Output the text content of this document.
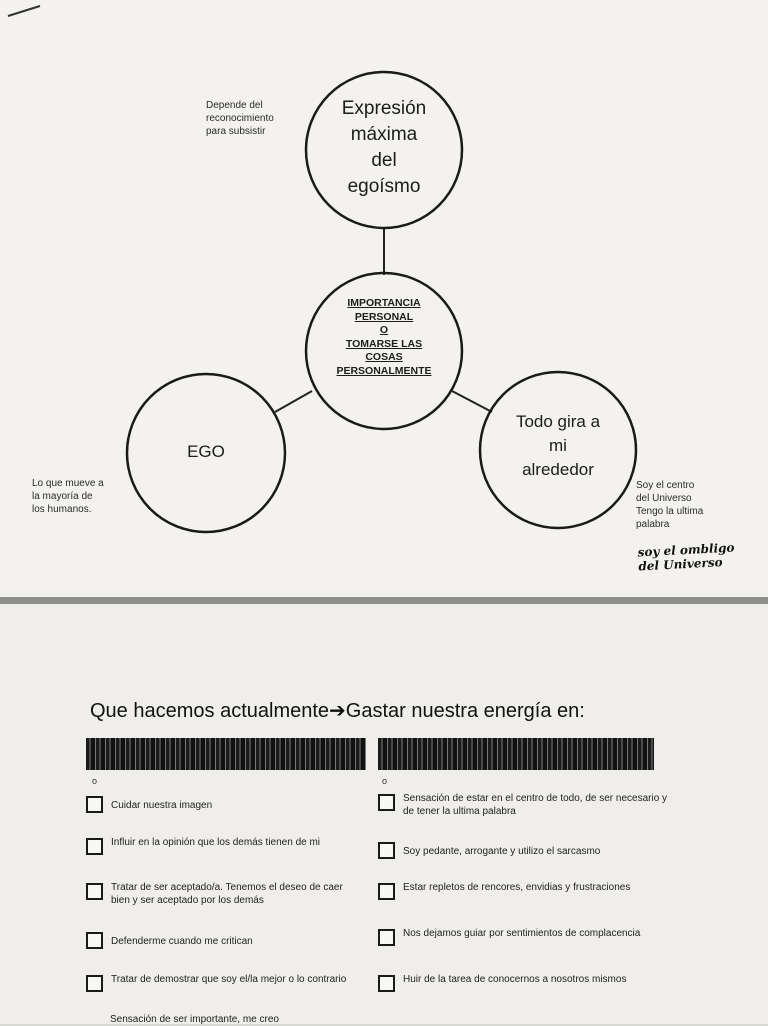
Expresión
máxima
del
egoísmo
IMPORTANCIA
PERSONAL
O
TOMARSE LAS
COSAS
PERSONALMENTE
EGO
Todo gira a
mi
alrededor
Depende del
reconocimiento
para subsistir
Lo que mueve a
la mayoría de
los humanos.
Soy el centro
del Universo
Tengo la ultima
palabra
soy el ombligo
del Universo
Que hacemos actualmente➔Gastar nuestra energía en:
o	o
Cuidar nuestra imagen
Influir en la opinión que los demás tienen de mi
Tratar de ser aceptado/a. Tenemos el deseo de caer bien y ser aceptado por los demás
Defenderme cuando me critican
Tratar de demostrar que soy el/la mejor o lo contrario
Sensación de ser importante, me creo
Sensación de estar en el centro de todo, de ser necesario y de tener la ultima palabra
Soy pedante, arrogante y utilizo el sarcasmo
Estar repletos de rencores, envidias y frustraciones
Nos dejamos guiar por sentimientos de complacencia
Huir de la tarea de conocernos a nosotros mismos
